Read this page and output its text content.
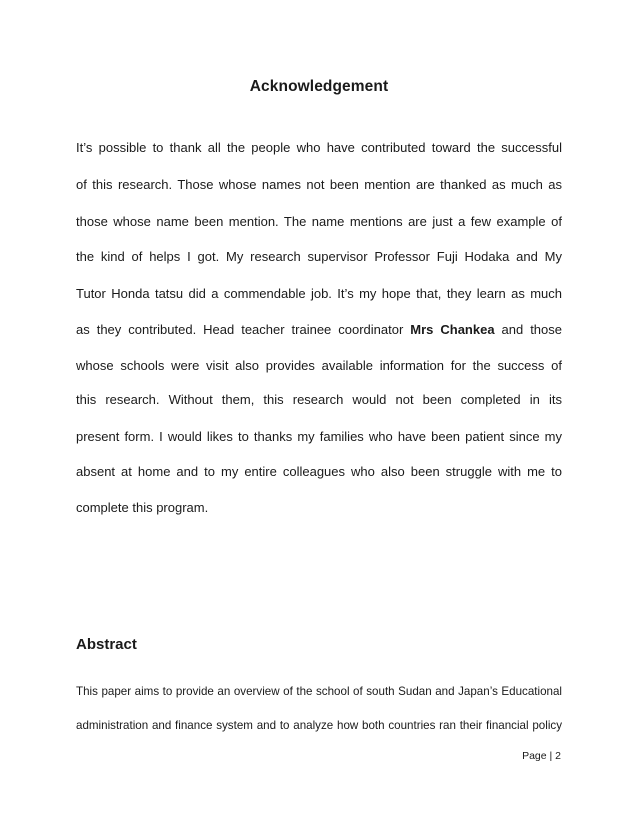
Acknowledgement
It’s possible to thank all the people who have contributed toward the successful
of this research. Those whose names not been mention are thanked as much as
those whose name been mention. The name mentions are just a few example of
the kind of helps I got. My research supervisor Professor Fuji Hodaka and My
Tutor Honda tatsu did a commendable job. It’s my hope that, they learn as much
as they contributed. Head teacher trainee coordinator Mrs Chankea and those
whose schools were visit also provides available information for the success of
this research. Without them, this research would not been completed in its
present form. I would likes to thanks my families who have been patient since my
absent at home and to my entire colleagues who also been struggle with me to
complete this program.
Abstract
This paper aims to provide an overview of the school of south Sudan and Japan’s Educational
administration and finance system and to analyze how both countries ran their financial policy
Page | 2
